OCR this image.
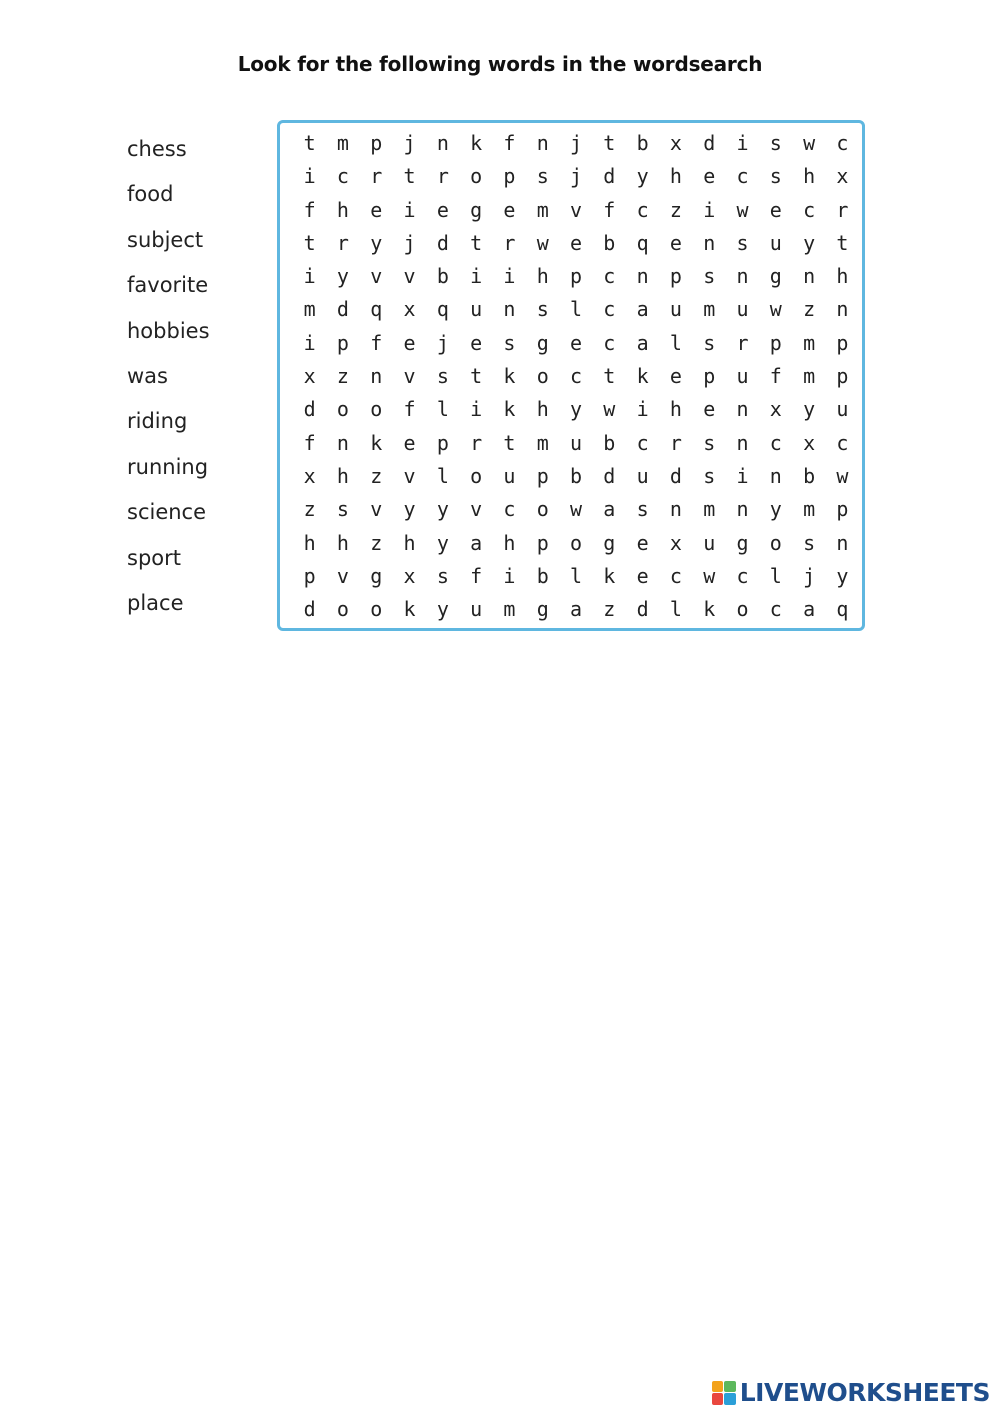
Look for the following words in the wordsearch
chess
food
subject
favorite
hobbies
was
riding
running
science
sport
place
t	m	p	j	n	k	f	n	j	t	b	x	d	i	s	w	c
i	c	r	t	r	o	p	s	j	d	y	h	e	c	s	h	x
f	h	e	i	e	g	e	m	v	f	c	z	i	w	e	c	r
t	r	y	j	d	t	r	w	e	b	q	e	n	s	u	y	t
i	y	v	v	b	i	i	h	p	c	n	p	s	n	g	n	h
m	d	q	x	q	u	n	s	l	c	a	u	m	u	w	z	n
i	p	f	e	j	e	s	g	e	c	a	l	s	r	p	m	p
x	z	n	v	s	t	k	o	c	t	k	e	p	u	f	m	p
d	o	o	f	l	i	k	h	y	w	i	h	e	n	x	y	u
f	n	k	e	p	r	t	m	u	b	c	r	s	n	c	x	c
x	h	z	v	l	o	u	p	b	d	u	d	s	i	n	b	w
z	s	v	y	y	v	c	o	w	a	s	n	m	n	y	m	p
h	h	z	h	y	a	h	p	o	g	e	x	u	g	o	s	n
p	v	g	x	s	f	i	b	l	k	e	c	w	c	l	j	y
d	o	o	k	y	u	m	g	a	z	d	l	k	o	c	a	q
LIVEWORKSHEETS
